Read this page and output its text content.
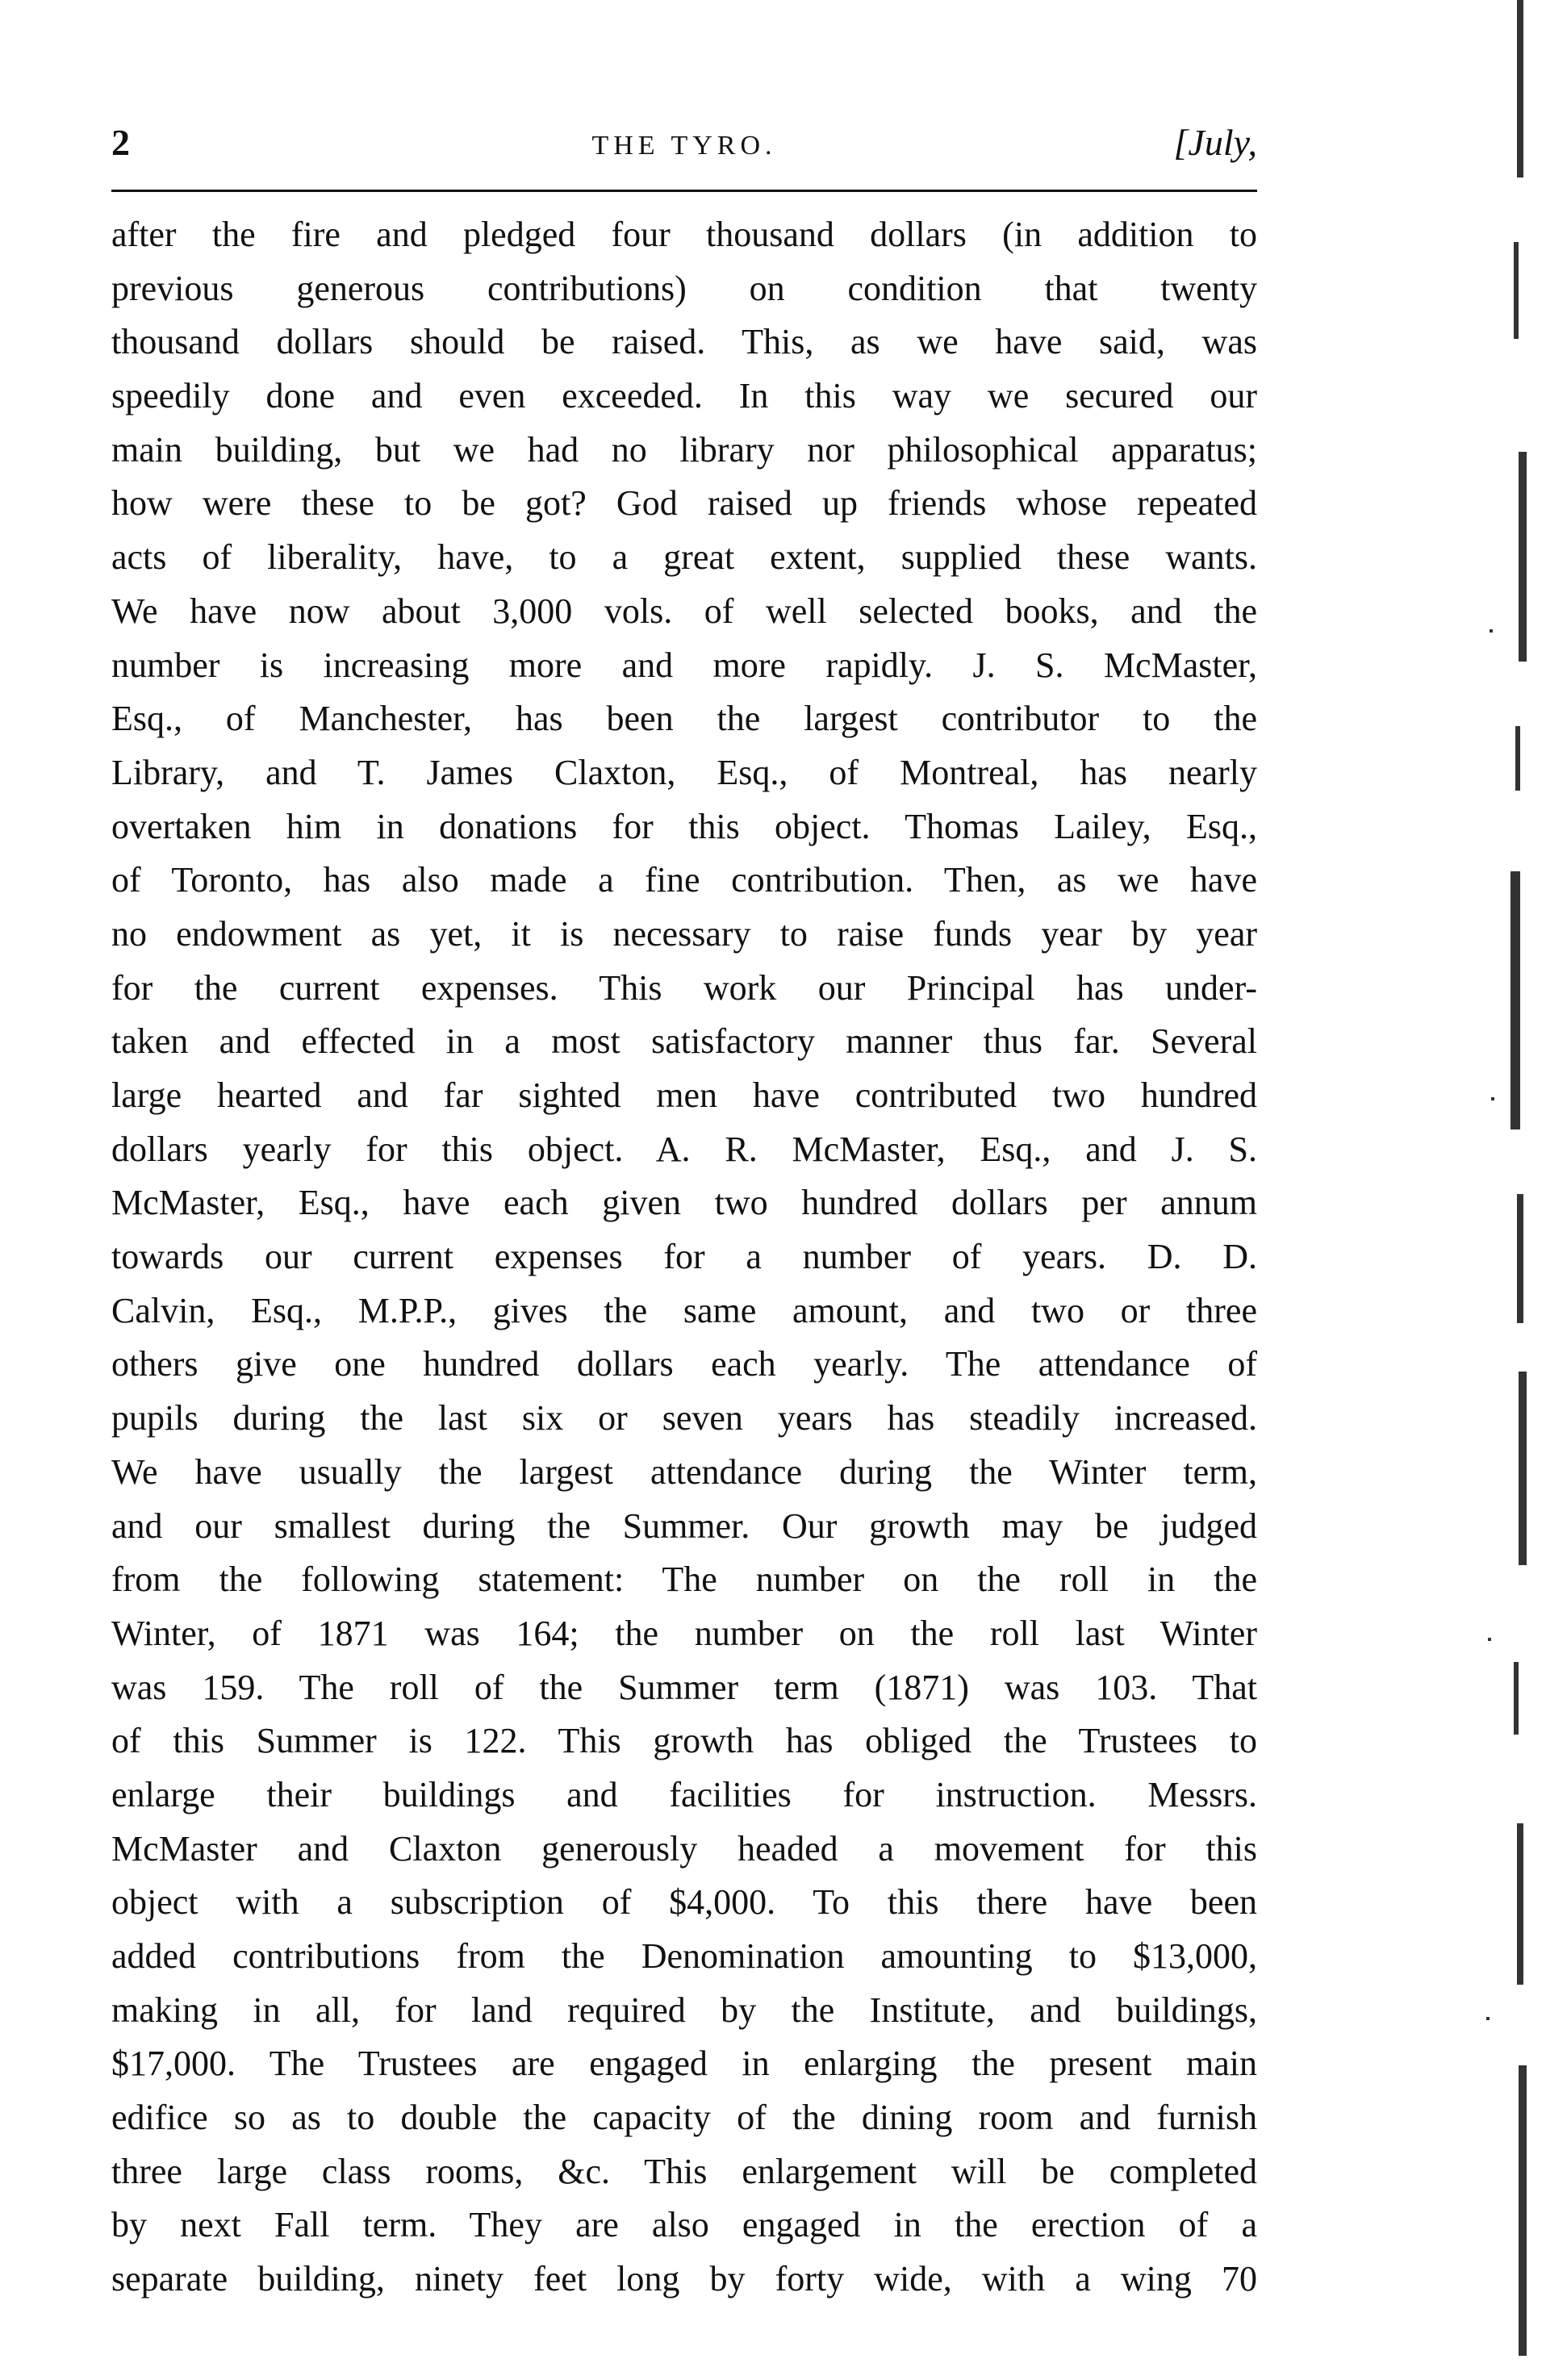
2	THE TYRO.	[July,
after the fire and pledged four thousand dollars (in addition to
previous generous contributions) on condition that twenty
thousand dollars should be raised. This, as we have said, was
speedily done and even exceeded. In this way we secured our
main building, but we had no library nor philosophical apparatus;
how were these to be got? God raised up friends whose repeated
acts of liberality, have, to a great extent, supplied these wants.
We have now about 3,000 vols. of well selected books, and the
number is increasing more and more rapidly. J. S. McMaster,
Esq., of Manchester, has been the largest contributor to the
Library, and T. James Claxton, Esq., of Montreal, has nearly
overtaken him in donations for this object. Thomas Lailey, Esq.,
of Toronto, has also made a fine contribution. Then, as we have
no endowment as yet, it is necessary to raise funds year by year
for the current expenses. This work our Principal has under-
taken and effected in a most satisfactory manner thus far. Several
large hearted and far sighted men have contributed two hundred
dollars yearly for this object. A. R. McMaster, Esq., and J. S.
McMaster, Esq., have each given two hundred dollars per annum
towards our current expenses for a number of years. D. D.
Calvin, Esq., M.P.P., gives the same amount, and two or three
others give one hundred dollars each yearly. The attendance of
pupils during the last six or seven years has steadily increased.
We have usually the largest attendance during the Winter term,
and our smallest during the Summer. Our growth may be judged
from the following statement: The number on the roll in the
Winter, of 1871 was 164; the number on the roll last Winter
was 159. The roll of the Summer term (1871) was 103. That
of this Summer is 122. This growth has obliged the Trustees to
enlarge their buildings and facilities for instruction. Messrs.
McMaster and Claxton generously headed a movement for this
object with a subscription of $4,000. To this there have been
added contributions from the Denomination amounting to $13,000,
making in all, for land required by the Institute, and buildings,
$17,000. The Trustees are engaged in enlarging the present main
edifice so as to double the capacity of the dining room and furnish
three large class rooms, &c. This enlargement will be completed
by next Fall term. They are also engaged in the erection of a
separate building, ninety feet long by forty wide, with a wing 70
